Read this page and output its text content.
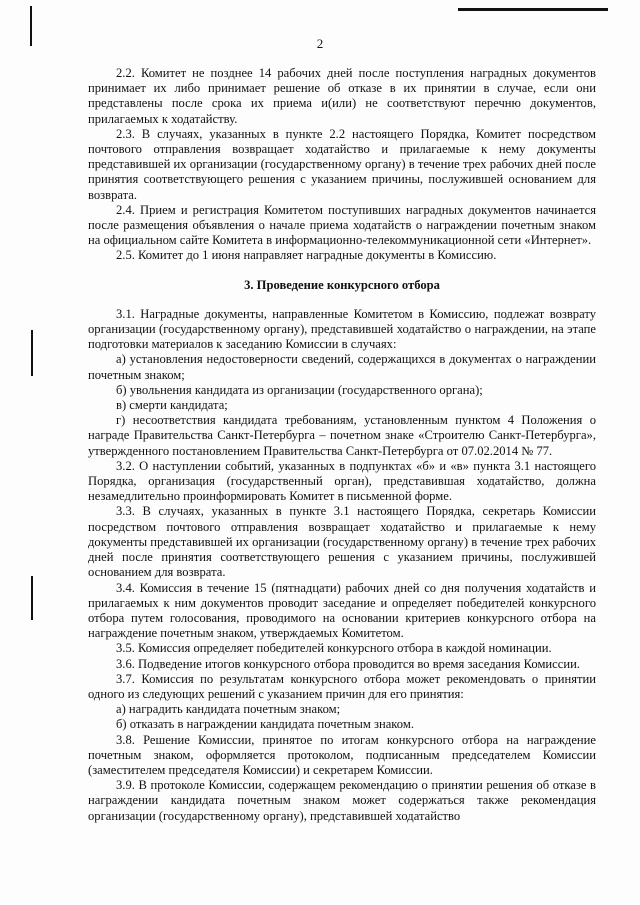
2

2.2. Комитет не позднее 14 рабочих дней после поступления наградных документов принимает их либо принимает решение об отказе в их принятии в случае, если они представлены после срока их приема и(или) не соответствуют перечню документов, прилагаемых к ходатайству.

2.3. В случаях, указанных в пункте 2.2 настоящего Порядка, Комитет посредством почтового отправления возвращает ходатайство и прилагаемые к нему документы представившей их организации (государственному органу) в течение трех рабочих дней после принятия соответствующего решения с указанием причины, послужившей основанием для возврата.

2.4. Прием и регистрация Комитетом поступивших наградных документов начинается после размещения объявления о начале приема ходатайств о награждении почетным знаком на официальном сайте Комитета в информационно-телекоммуникационной сети «Интернет».

2.5. Комитет до 1 июня направляет наградные документы в Комиссию.

3. Проведение конкурсного отбора

3.1. Наградные документы, направленные Комитетом в Комиссию, подлежат возврату организации (государственному органу), представившей ходатайство о награждении, на этапе подготовки материалов к заседанию Комиссии в случаях:

а) установления недостоверности сведений, содержащихся в документах о награждении почетным знаком;

б) увольнения кандидата из организации (государственного органа);

в) смерти кандидата;

г) несоответствия кандидата требованиям, установленным пунктом 4 Положения о награде Правительства Санкт-Петербурга – почетном знаке «Строителю Санкт-Петербурга», утвержденного постановлением Правительства Санкт-Петербурга от 07.02.2014 № 77.

3.2. О наступлении событий, указанных в подпунктах «б» и «в» пункта 3.1 настоящего Порядка, организация (государственный орган), представившая ходатайство, должна незамедлительно проинформировать Комитет в письменной форме.

3.3. В случаях, указанных в пункте 3.1 настоящего Порядка, секретарь Комиссии посредством почтового отправления возвращает ходатайство и прилагаемые к нему документы представившей их организации (государственному органу) в течение трех рабочих дней после принятия соответствующего решения с указанием причины, послужившей основанием для возврата.

3.4. Комиссия в течение 15 (пятнадцати) рабочих дней со дня получения ходатайств и прилагаемых к ним документов проводит заседание и определяет победителей конкурсного отбора путем голосования, проводимого на основании критериев конкурсного отбора на награждение почетным знаком, утверждаемых Комитетом.

3.5. Комиссия определяет победителей конкурсного отбора в каждой номинации.

3.6. Подведение итогов конкурсного отбора проводится во время заседания Комиссии.

3.7. Комиссия по результатам конкурсного отбора может рекомендовать о принятии одного из следующих решений с указанием причин для его принятия:

а) наградить кандидата почетным знаком;

б) отказать в награждении кандидата почетным знаком.

3.8. Решение Комиссии, принятое по итогам конкурсного отбора на награждение почетным знаком, оформляется протоколом, подписанным председателем Комиссии (заместителем председателя Комиссии) и секретарем Комиссии.

3.9. В протоколе Комиссии, содержащем рекомендацию о принятии решения об отказе в награждении кандидата почетным знаком может содержаться также рекомендация организации (государственному органу), представившей ходатайство
